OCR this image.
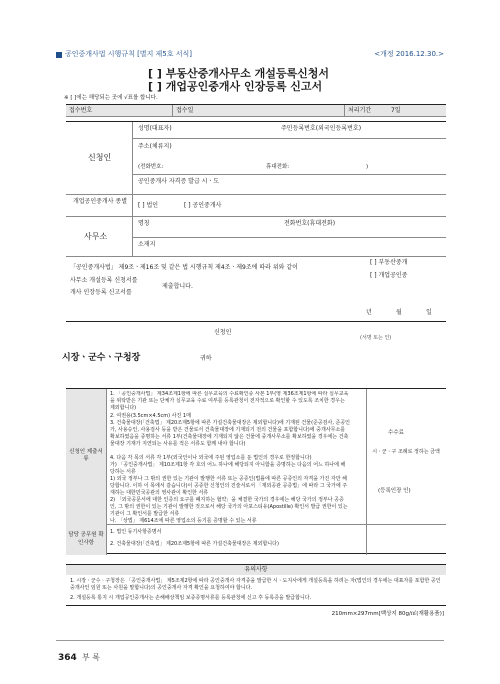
공인중개사법 시행규칙 [별지 제5호 서식]	<개정 2016.12.30.>
[ ] 부동산중개사무소 개설등록신청서
[ ] 개업공인중개사 인장등록 신고서
※ [ ]에는 해당되는 곳에 √표를 합니다.
접수번호	접수일	처리기간	7일
신청인
성명(대표자)	주민등록번호(외국인등록번호)
주소(체류지)
(전화번호:	휴대전화:	)
공인중개사 자격증 발급 시ㆍ도
개업공인중개사 종별
[ ] 법인	[ ] 공인중개사
사무소
명칭	전화번호(휴대전화)
소재지
「공인중개사법」 제9조ㆍ제16조 및 같은 법 시행규칙 제4조ㆍ제9조에 따라 위와 같이
사무소 개설등록 신청서를
개사 인장등록 신고서를
제출합니다.
[ ] 부동산중개
[ ] 개업공인중
년	월	일
신청인
(서명 또는 인)
시장ㆍ군수ㆍ구청장	귀하
신청인 제출서류
1. 「공인중개사법」 제34조제1항에 따른 실무교육의 수료확인증 사본 1부(영 제36조제1항에 따라 실무교육을 위탁받은 기관 또는 단체가 실무교육 수료 여부를 등록관청이 전자적으로 확인할 수 있도록 조치한 경우는 제외합니다)
2. 여권용(3.5cm×4.5cm) 사진 1매
3. 건축물대장(「건축법」 제20조제5항에 따른 가설건축물대장은 제외합니다)에 기재된 건물(준공검사, 준공인가, 사용승인, 사용검사 등을 받은 건물로서 건축물대장에 기재되기 전의 건물을 포함합니다)에 중개사무소를 확보하였음을 증명하는 서류 1부(건축물대장에 기재되지 않은 건물에 중개사무소를 확보하였을 경우에는 건축물대장 기재가 지연되는 사유를 적은 서류도 함께 내야 합니다)
4. 다음 각 목의 서류 각 1부(외국인이나 외국에 주된 영업소를 둔 법인의 경우로 한정합니다)
가) 「공인중개사법」 제10조제1항 각 호의 어느 하나에 해당되지 아니함을 증명하는 다음의 어느 하나에 해당하는 서류
1) 외국 정부나 그 밖의 권한 있는 기관이 발행한 서류 또는 공증인(법률에 따른 공증인의 자격을 가진 자만 해당합니다. 이하 이 목에서 같습니다)이 공증한 신청인의 진술서로서 「재외공관 공증법」에 따라 그 국가에 주재하는 대한민국공관의 영사관이 확인한 서류
2) 「외국공문서에 대한 인증의 요구를 폐지하는 협약」을 체결한 국가의 경우에는 해당 국가의 정부나 공증인, 그 밖의 권한이 있는 기관이 발행한 것으로서 해당 국가의 아포스티유(Apostille) 확인서 발급 권한이 있는 기관이 그 확인서를 발급한 서류
나. 「상법」 제614조에 따른 영업소의 등기를 증명할 수 있는 서류
수수료
시ㆍ군ㆍ구 조례로 정하는 금액
(등록인장 인)
담당 공무원 확인사항
1. 법인 등기사항증명서
2. 건축물대장(「건축법」 제20조제5항에 따른 가설건축물대장은 제외합니다)
유의사항
1. 시장ㆍ군수ㆍ구청장은 「공인중개사법」 제5조제2항에 따라 공인중개사 자격증을 발급한 시ㆍ도지사에게 개설등록을 하려는 자(법인의 경우에는 대표자를 포함한 공인중개사인 임원 또는 사원을 말합니다)의 공인중개사 자격 확인을 요청하여야 합니다.
2. 개설등록 통지 시 개업공인중개사는 손해배상책임 보증증명서류를 등록관청에 신고 후 등록증을 발급합니다.
210mm×297mm[백상지 80g/㎡(재활용품)]
364 부 록
